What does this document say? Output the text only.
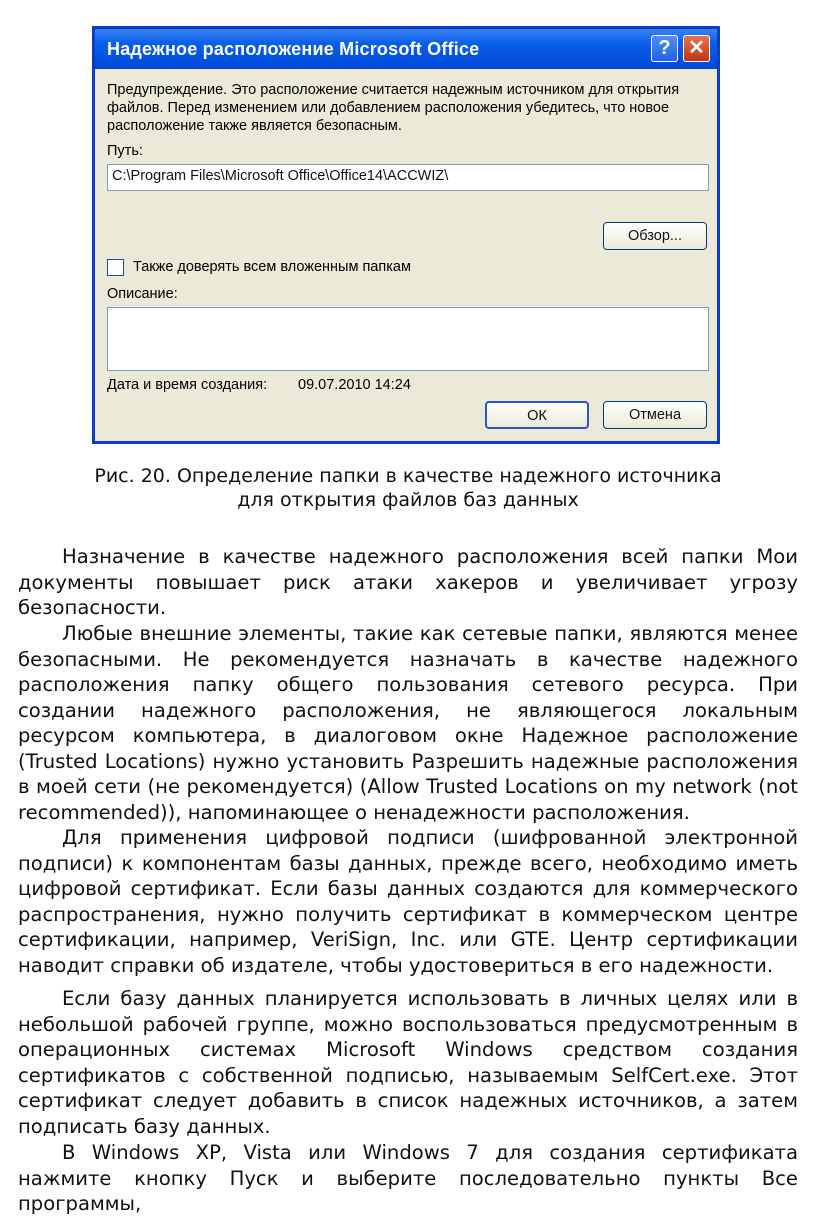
Надежное расположение Microsoft Office	? ✕
Предупреждение. Это расположение считается надежным источником для открытия файлов. Перед изменением или добавлением расположения убедитесь, что новое расположение также является безопасным.
Путь:
C:\Program Files\Microsoft Office\Office14\ACCWIZ\
Обзор...
Также доверять всем вложенным папкам
Описание:
Дата и время создания: 09.07.2010 14:24
ОК	Отмена
Рис. 20. Определение папки в качестве надежного источника
для открытия файлов баз данных

Назначение в качестве надежного расположения всей папки Мои документы повышает риск атаки хакеров и увеличивает угрозу безопасности.

Любые внешние элементы, такие как сетевые папки, являются менее безопасными. Не рекомендуется назначать в качестве надежного расположения папку общего пользования сетевого ресурса. При создании надежного расположения, не являющегося локальным ресурсом компьютера, в диалоговом окне Надежное расположение (Trusted Locations) нужно установить Разрешить надежные расположения в моей сети (не рекомендуется) (Allow Trusted Locations on my network (not recommended)), напоминающее о ненадежности расположения.

Для применения цифровой подписи (шифрованной электронной подписи) к компонентам базы данных, прежде всего, необходимо иметь цифровой сертификат. Если базы данных создаются для коммерческого распространения, нужно получить сертификат в коммерческом центре сертификации, например, VeriSign, Inc. или GTE. Центр сертификации наводит справки об издателе, чтобы удостовериться в его надежности.

Если базу данных планируется использовать в личных целях или в небольшой рабочей группе, можно воспользоваться предусмотренным в операционных системах Microsoft Windows средством создания сертификатов с собственной подписью, называемым SelfCert.exe. Этот сертификат следует добавить в список надежных источников, а затем подписать базу данных.

В Windows XP, Vista или Windows 7 для создания сертификата нажмите кнопку Пуск и выберите последовательно пункты Все программы,
